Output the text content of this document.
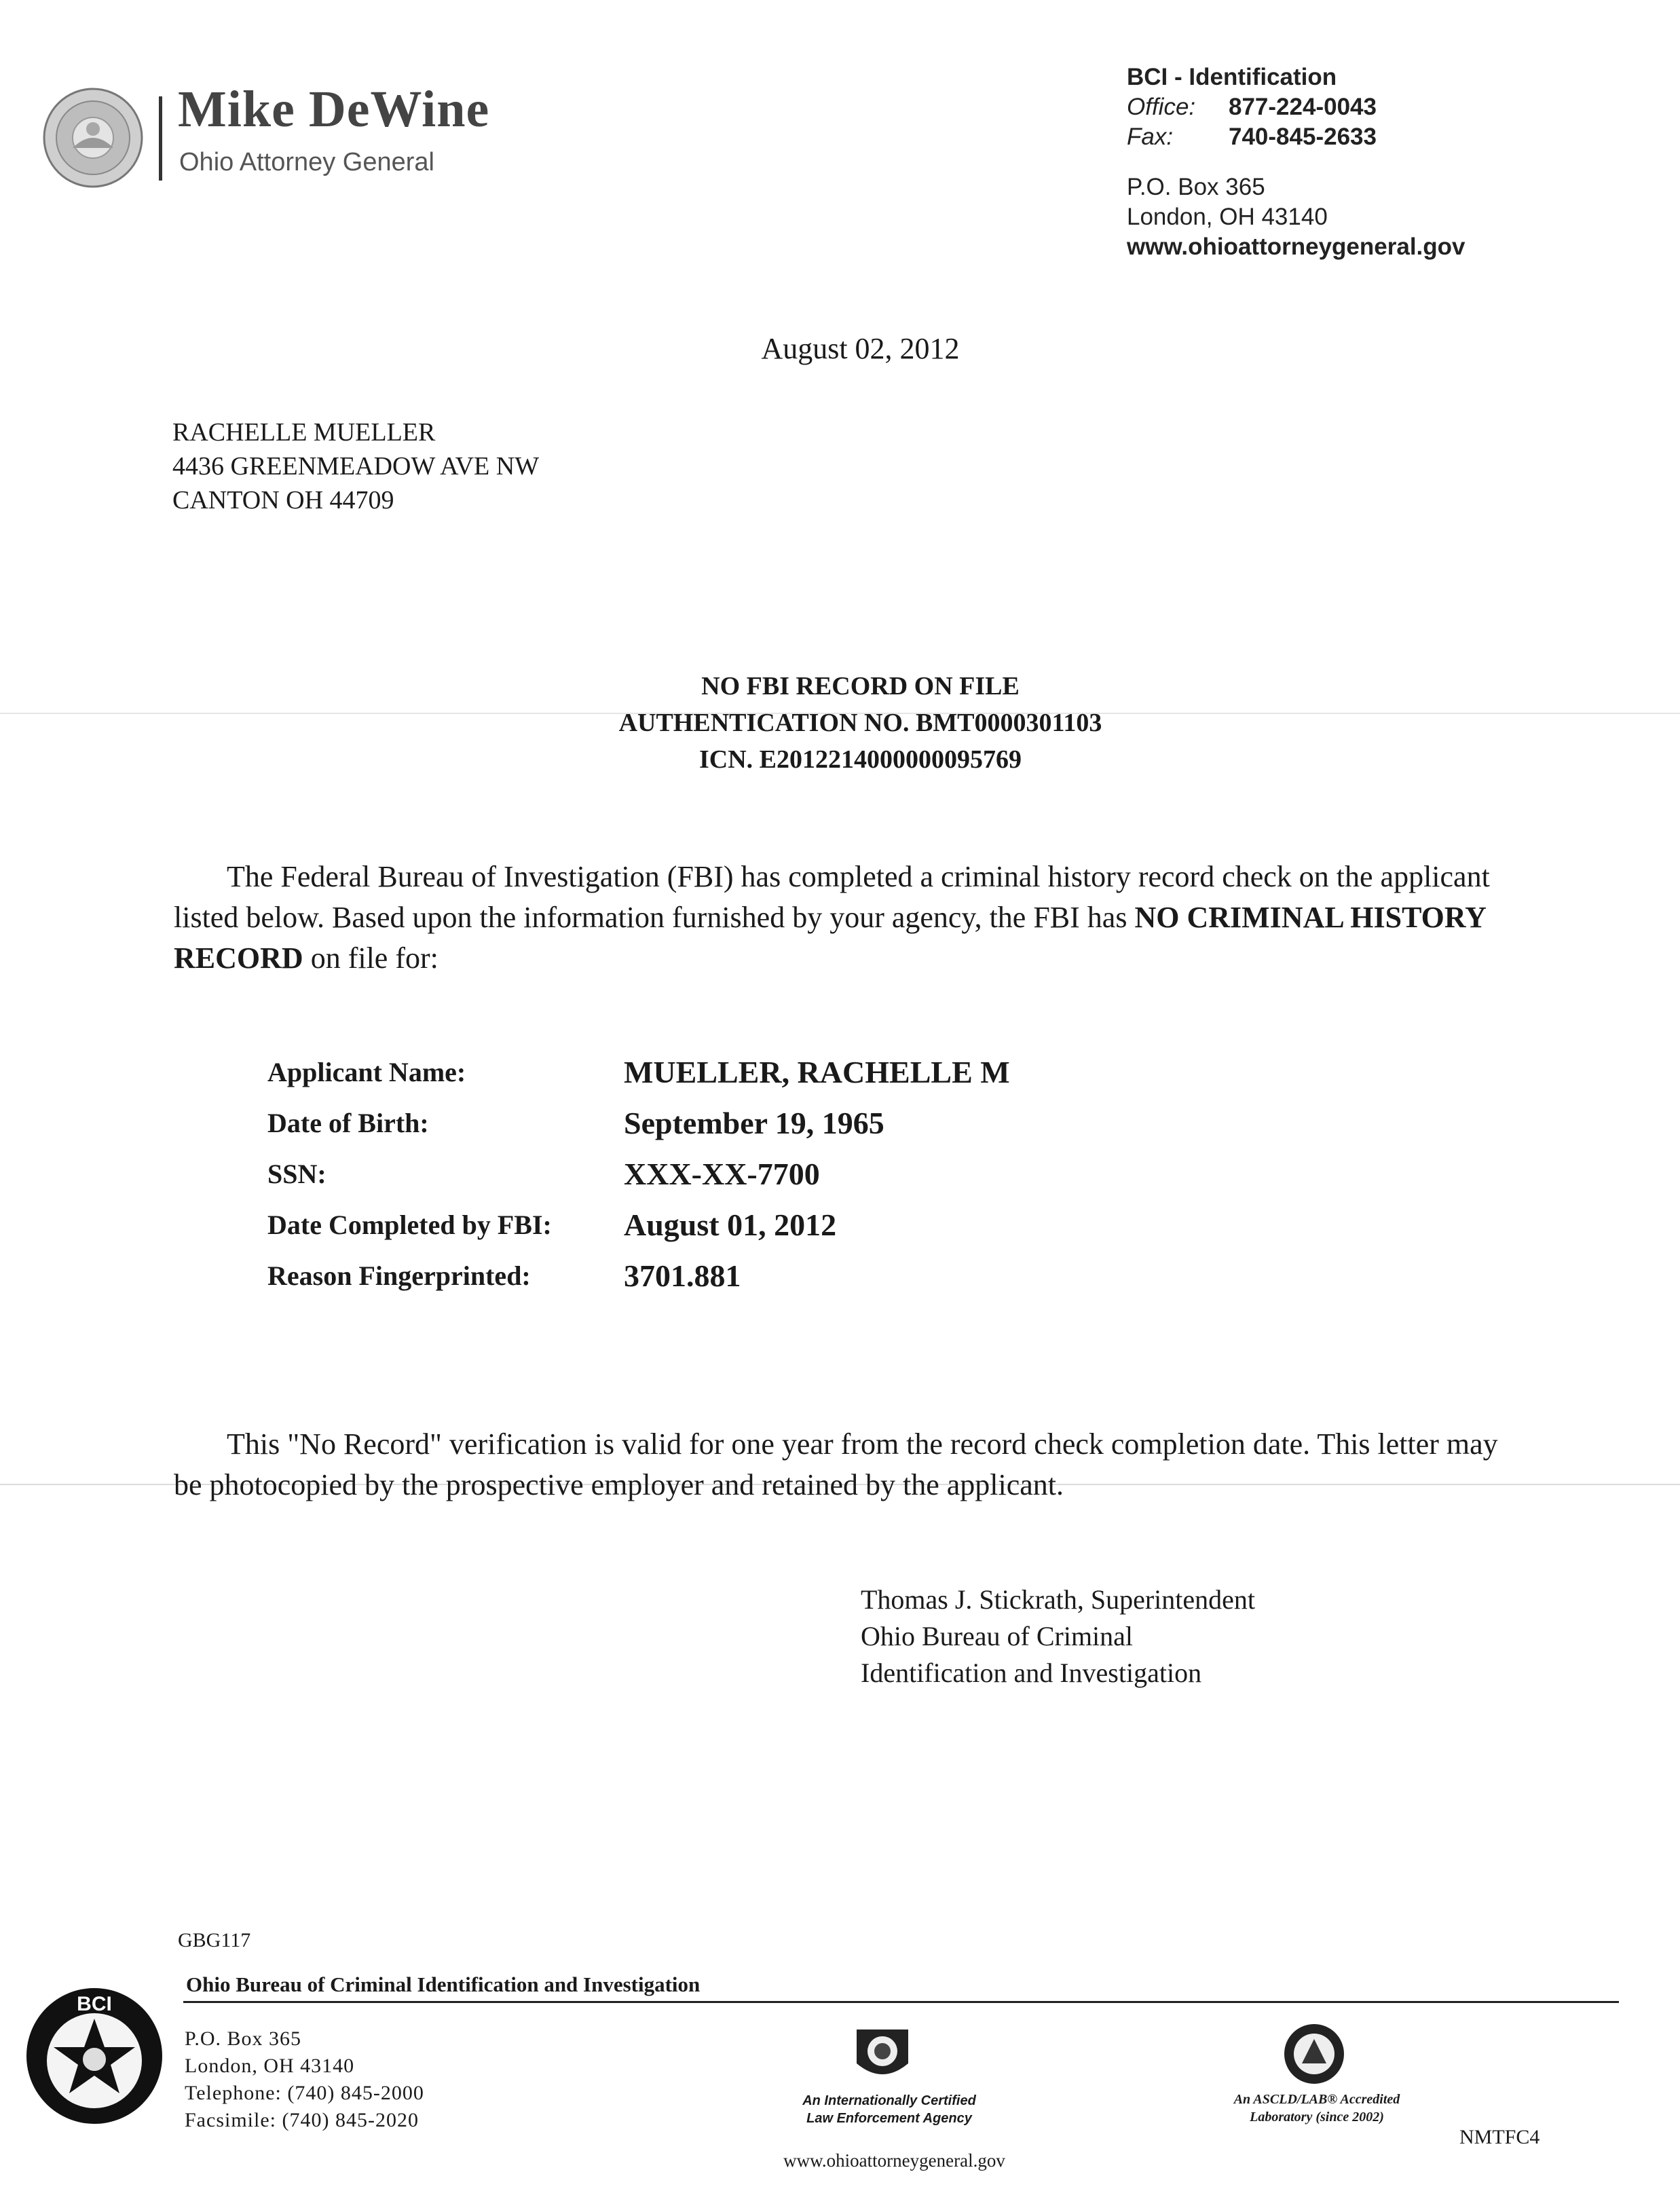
Mike DeWine
Ohio Attorney General
BCI - Identification
Office: 877-224-0043
Fax: 740-845-2633
P.O. Box 365
London, OH 43140
www.ohioattorneygeneral.gov
August 02, 2012
RACHELLE MUELLER
4436 GREENMEADOW AVE NW
CANTON OH 44709
NO FBI RECORD ON FILE
AUTHENTICATION NO. BMT0000301103
ICN. E2012214000000095769

The Federal Bureau of Investigation (FBI) has completed a criminal history record check on the applicant listed below. Based upon the information furnished by your agency, the FBI has NO CRIMINAL HISTORY RECORD on file for:

Applicant Name:	MUELLER, RACHELLE M
Date of Birth:	September 19, 1965
SSN:	XXX-XX-7700
Date Completed by FBI:	August 01, 2012
Reason Fingerprinted:	3701.881

This "No Record" verification is valid for one year from the record check completion date. This letter may be photocopied by the prospective employer and retained by the applicant.

Thomas J. Stickrath, Superintendent
Ohio Bureau of Criminal
Identification and Investigation
GBG117
Ohio Bureau of Criminal Identification and Investigation
BCI
P.O. Box 365
London, OH 43140
Telephone: (740) 845-2000
Facsimile: (740) 845-2020
An Internationally Certified
Law Enforcement Agency
An ASCLD/LAB® Accredited
Laboratory (since 2002)
www.ohioattorneygeneral.gov
NMTFC4
